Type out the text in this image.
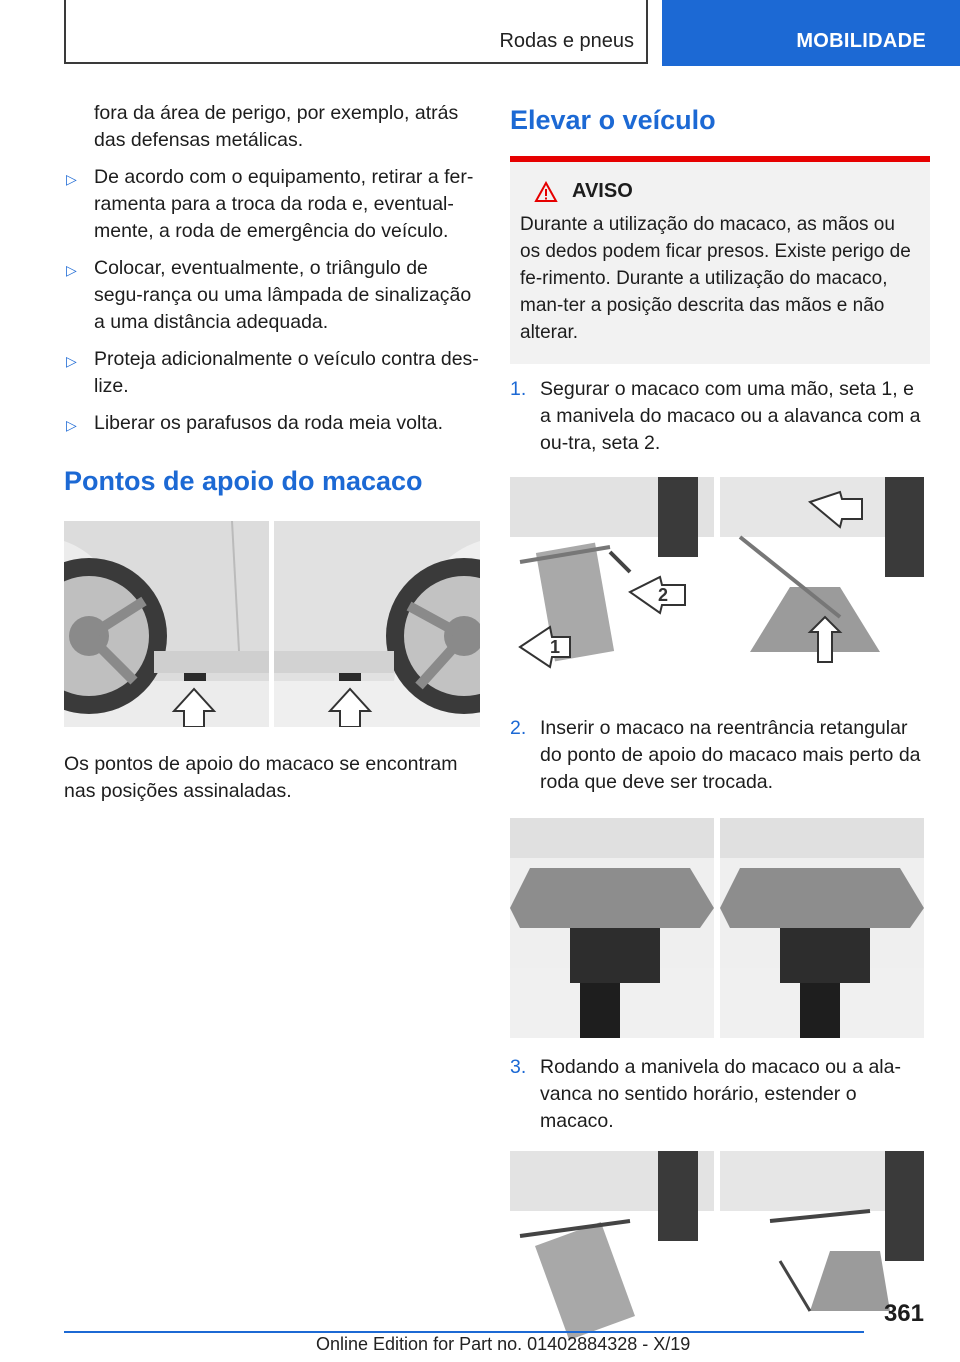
Rodas e pneus	MOBILIDADE

fora da área de perigo, por exemplo, atrás das defensas metálicas.

▷ De acordo com o equipamento, retirar a fer-ramenta para a troca da roda e, eventual-mente, a roda de emergência do veículo.
▷ Colocar, eventualmente, o triângulo de segu-rança ou uma lâmpada de sinalização a uma distância adequada.
▷ Proteja adicionalmente o veículo contra des-lize.
▷ Liberar os parafusos da roda meia volta.
Pontos de apoio do macaco

Os pontos de apoio do macaco se encontram nas posições assinaladas.

Elevar o veículo
AVISO

Durante a utilização do macaco, as mãos ou os dedos podem ficar presos. Existe perigo de fe-rimento. Durante a utilização do macaco, man-ter a posição descrita das mãos e não alterar.

1. Segurar o macaco com uma mão, seta 1, e a manivela do macaco ou a alavanca com a ou-tra, seta 2.
1
2
2. Inserir o macaco na reentrância retangular do ponto de apoio do macaco mais perto da roda que deve ser trocada.
3. Rodando a manivela do macaco ou a ala-vanca no sentido horário, estender o macaco.
361
Online Edition for Part no. 01402884328 - X/19
